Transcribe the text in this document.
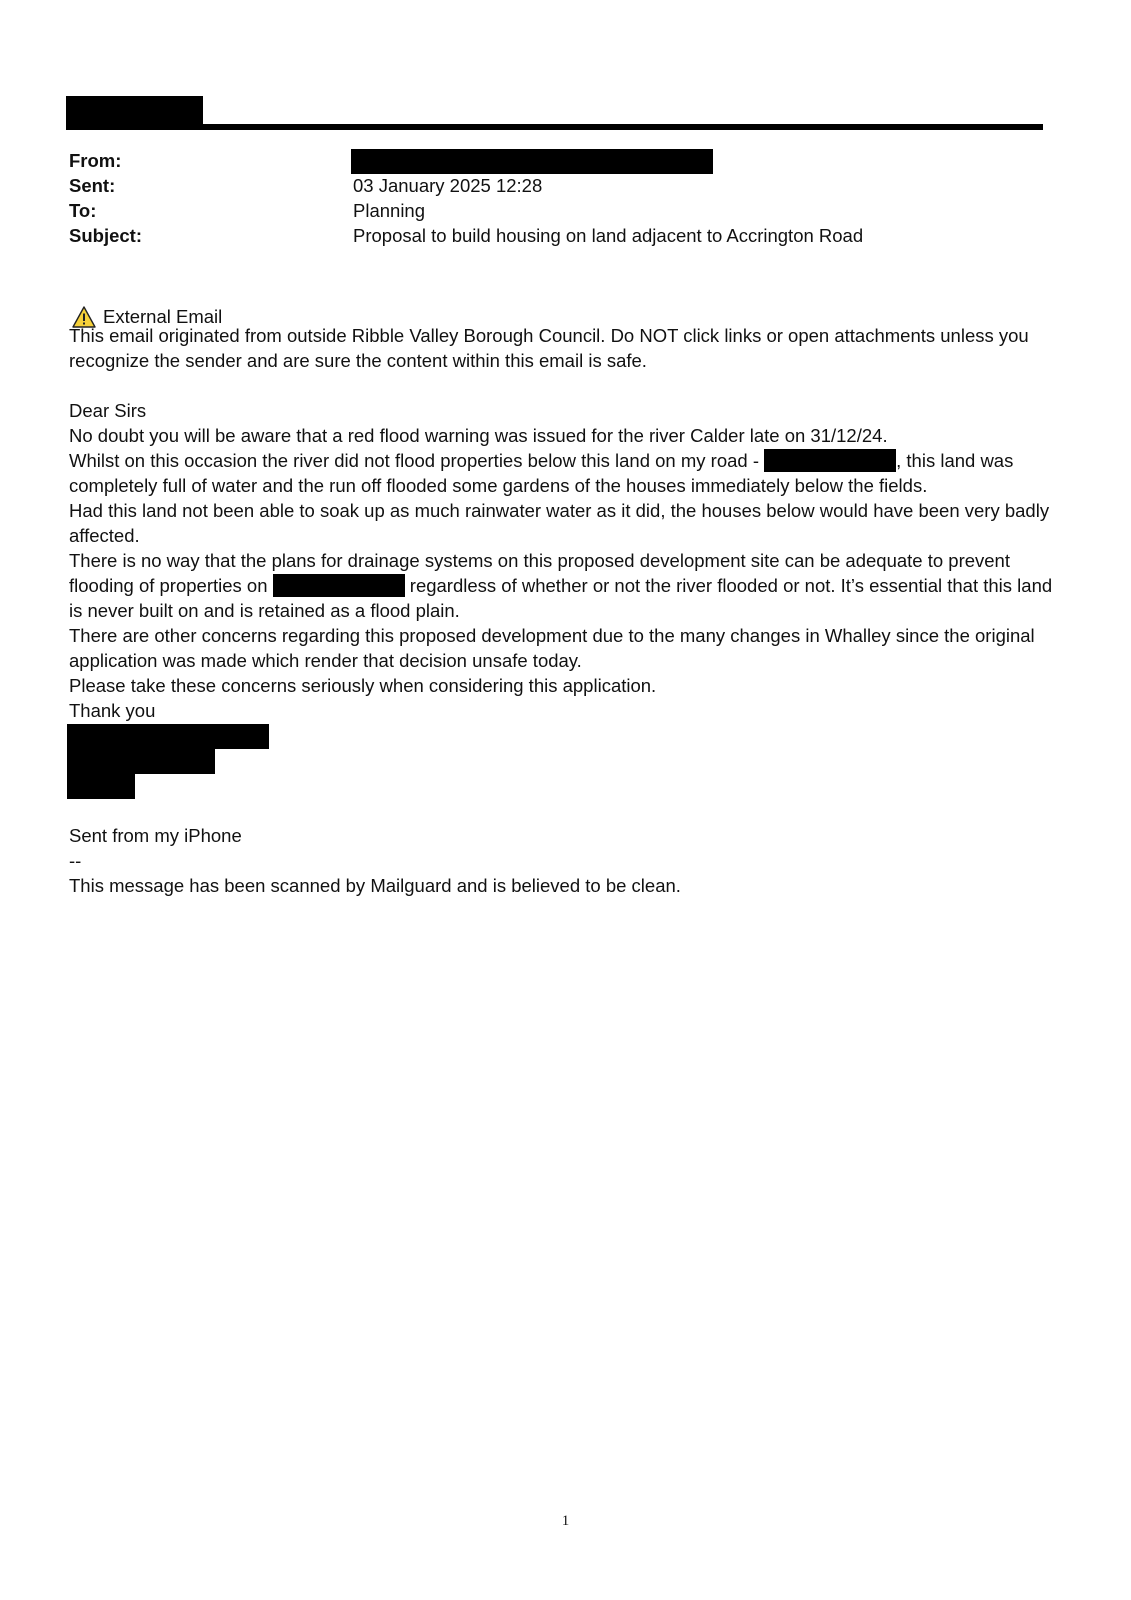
From:
Sent:	03 January 2025 12:28
To:	Planning
Subject:	Proposal to build housing on land adjacent to Accrington Road
External Email

This email originated from outside Ribble Valley Borough Council. Do NOT click links or open attachments unless you recognize the sender and are sure the content within this email is safe.

Dear Sirs

No doubt you will be aware that a red flood warning was issued for the river Calder late on 31/12/24.

Whilst on this occasion the river did not flood properties below this land on my road -	, this land was completely full of water and the run off flooded some gardens of the houses immediately below the fields.

Had this land not been able to soak up as much rainwater water as it did, the houses below would have been very badly affected.

There is no way that the plans for drainage systems on this proposed development site can be adequate to prevent flooding of properties on	regardless of whether or not the river flooded or not. It’s essential that this land is never built on and is retained as a flood plain.

There are other concerns regarding this proposed development due to the many changes in Whalley since the original application was made which render that decision unsafe today.

Please take these concerns seriously when considering this application.

Thank you

Sent from my iPhone

--

This message has been scanned by Mailguard and is believed to be clean.

1
